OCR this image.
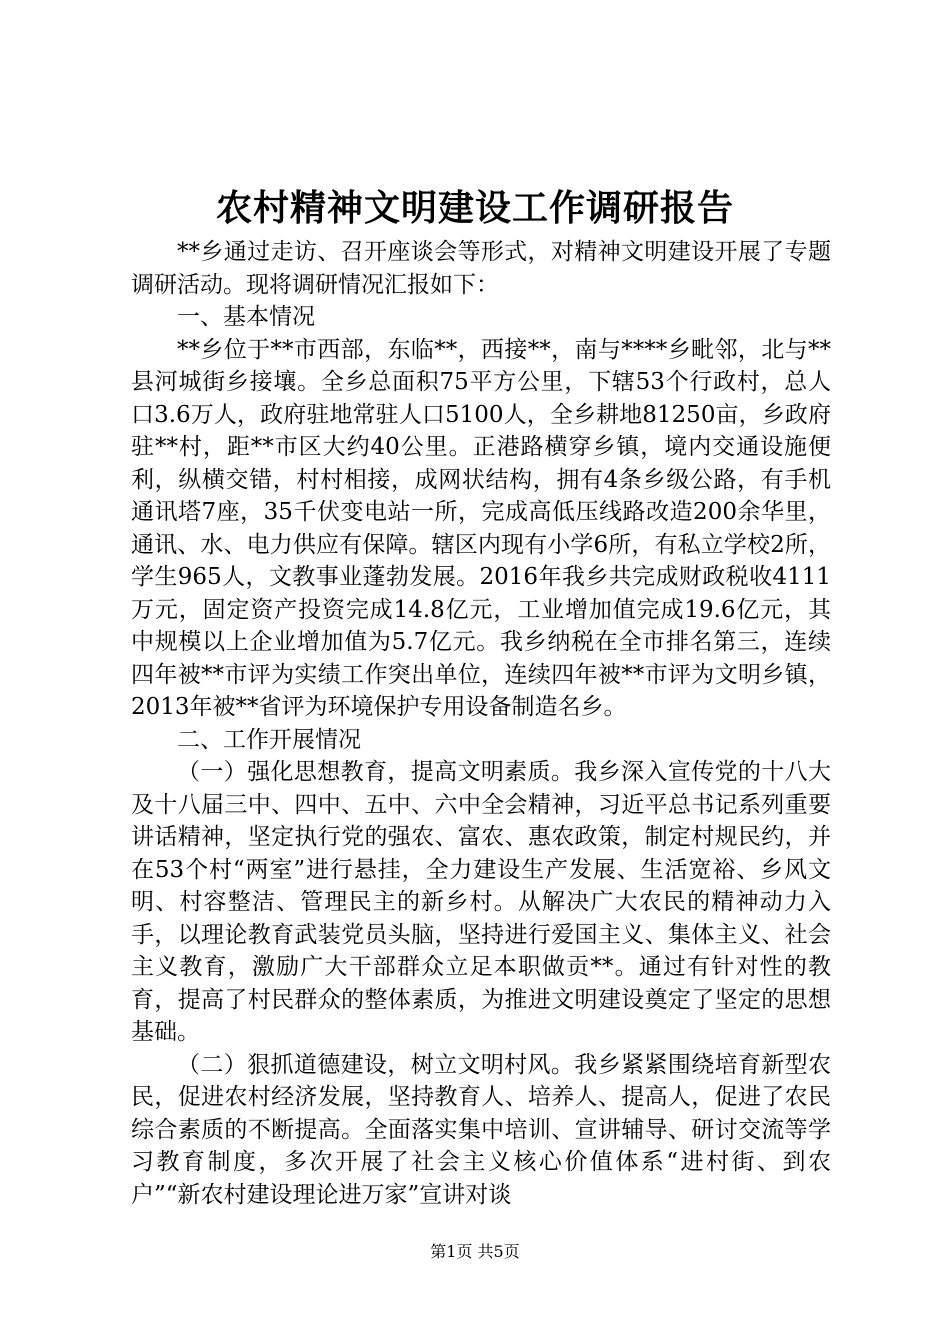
农村精神文明建设工作调研报告

**乡通过走访、召开座谈会等形式，对精神文明建设开展了专题调研活动。现将调研情况汇报如下：

一、基本情况

**乡位于**市西部，东临**，西接**，南与****乡毗邻，北与**县河城街乡接壤。全乡总面积75平方公里，下辖53个行政村，总人口3.6万人，政府驻地常驻人口5100人，全乡耕地81250亩，乡政府驻**村，距**市区大约40公里。正港路横穿乡镇，境内交通设施便利，纵横交错，村村相接，成网状结构，拥有4条乡级公路，有手机通讯塔7座，35千伏变电站一所，完成高低压线路改造200余华里，通讯、水、电力供应有保障。辖区内现有小学6所，有私立学校2所，学生965人，文教事业蓬勃发展。2016年我乡共完成财政税收4111万元，固定资产投资完成14.8亿元，工业增加值完成19.6亿元，其中规模以上企业增加值为5.7亿元。我乡纳税在全市排名第三，连续四年被**市评为实绩工作突出单位，连续四年被**市评为文明乡镇，2013年被**省评为环境保护专用设备制造名乡。

二、工作开展情况

（一）强化思想教育，提高文明素质。我乡深入宣传党的十八大及十八届三中、四中、五中、六中全会精神，习近平总书记系列重要讲话精神，坚定执行党的强农、富农、惠农政策，制定村规民约，并在53个村“两室”进行悬挂，全力建设生产发展、生活宽裕、乡风文明、村容整洁、管理民主的新乡村。从解决广大农民的精神动力入手，以理论教育武装党员头脑，坚持进行爱国主义、集体主义、社会主义教育，激励广大干部群众立足本职做贡**。通过有针对性的教育，提高了村民群众的整体素质，为推进文明建设奠定了坚定的思想基础。

（二）狠抓道德建设，树立文明村风。我乡紧紧围绕培育新型农民，促进农村经济发展，坚持教育人、培养人、提高人，促进了农民综合素质的不断提高。全面落实集中培训、宣讲辅导、研讨交流等学习教育制度，多次开展了社会主义核心价值体系“进村街、到农户”“新农村建设理论进万家”宣讲对谈

第1页 共5页
